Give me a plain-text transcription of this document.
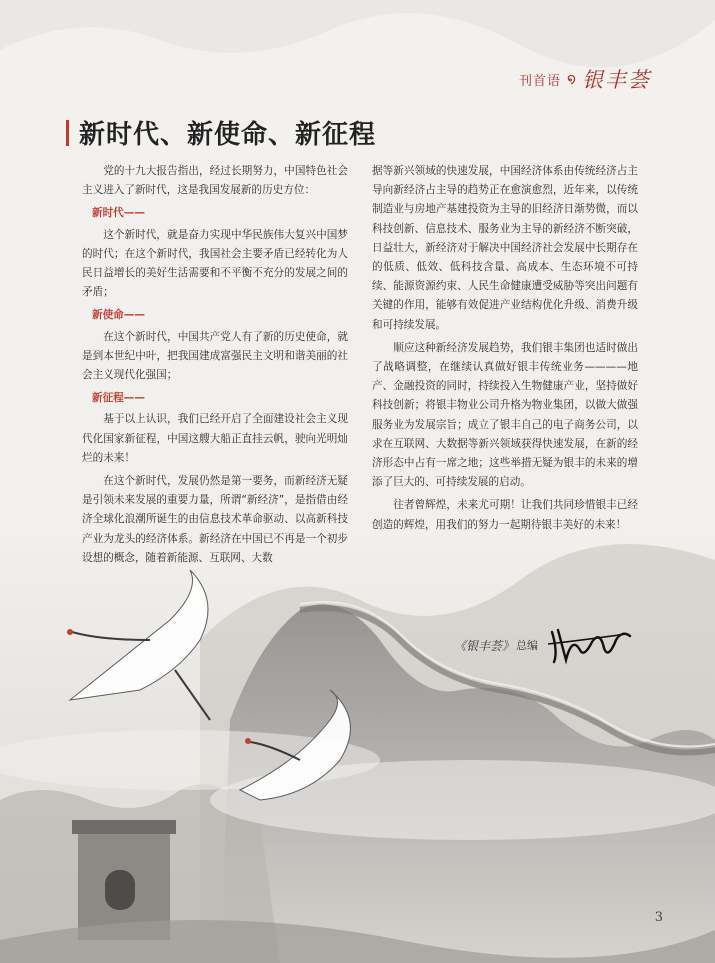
刊首语 ໑ 银丰荟
新时代、新使命、新征程

党的十九大报告指出，经过长期努力，中国特色社会主义进入了新时代，这是我国发展新的历史方位：

新时代——

这个新时代，就是奋力实现中华民族伟大复兴中国梦的时代；在这个新时代，我国社会主要矛盾已经转化为人民日益增长的美好生活需要和不平衡不充分的发展之间的矛盾；

新使命——

在这个新时代，中国共产党人有了新的历史使命，就是到本世纪中叶，把我国建成富强民主文明和谐美丽的社会主义现代化强国；

新征程——

基于以上认识，我们已经开启了全面建设社会主义现代化国家新征程，中国这艘大船正直挂云帆，驶向光明灿烂的未来！

在这个新时代，发展仍然是第一要务，而新经济无疑是引领未来发展的重要力量，所谓“新经济”，是指借由经济全球化浪潮所诞生的由信息技术革命驱动、以高新科技产业为龙头的经济体系。新经济在中国已不再是一个初步设想的概念，随着新能源、互联网、大数

据等新兴领域的快速发展，中国经济体系由传统经济占主导向新经济占主导的趋势正在愈演愈烈，近年来，以传统制造业与房地产基建投资为主导的旧经济日渐势微，而以科技创新、信息技术、服务业为主导的新经济不断突破，日益壮大，新经济对于解决中国经济社会发展中长期存在的低质、低效、低科技含量、高成本、生态环境不可持续、能源资源约束、人民生命健康遭受威胁等突出问题有关键的作用，能够有效促进产业结构优化升级、消费升级和可持续发展。

顺应这种新经济发展趋势，我们银丰集团也适时做出了战略调整，在继续认真做好银丰传统业务————地产、金融投资的同时，持续投入生物健康产业，坚持做好科技创新；将银丰物业公司升格为物业集团，以做大做强服务业为发展宗旨；成立了银丰自己的电子商务公司，以求在互联网、大数据等新兴领域获得快速发展，在新的经济形态中占有一席之地；这些举措无疑为银丰的未来的增添了巨大的、可持续发展的启动。

往者曾辉煌，未来尤可期！让我们共同珍惜银丰已经创造的辉煌，用我们的努力一起期待银丰美好的未来！

《银丰荟》 总编
3
